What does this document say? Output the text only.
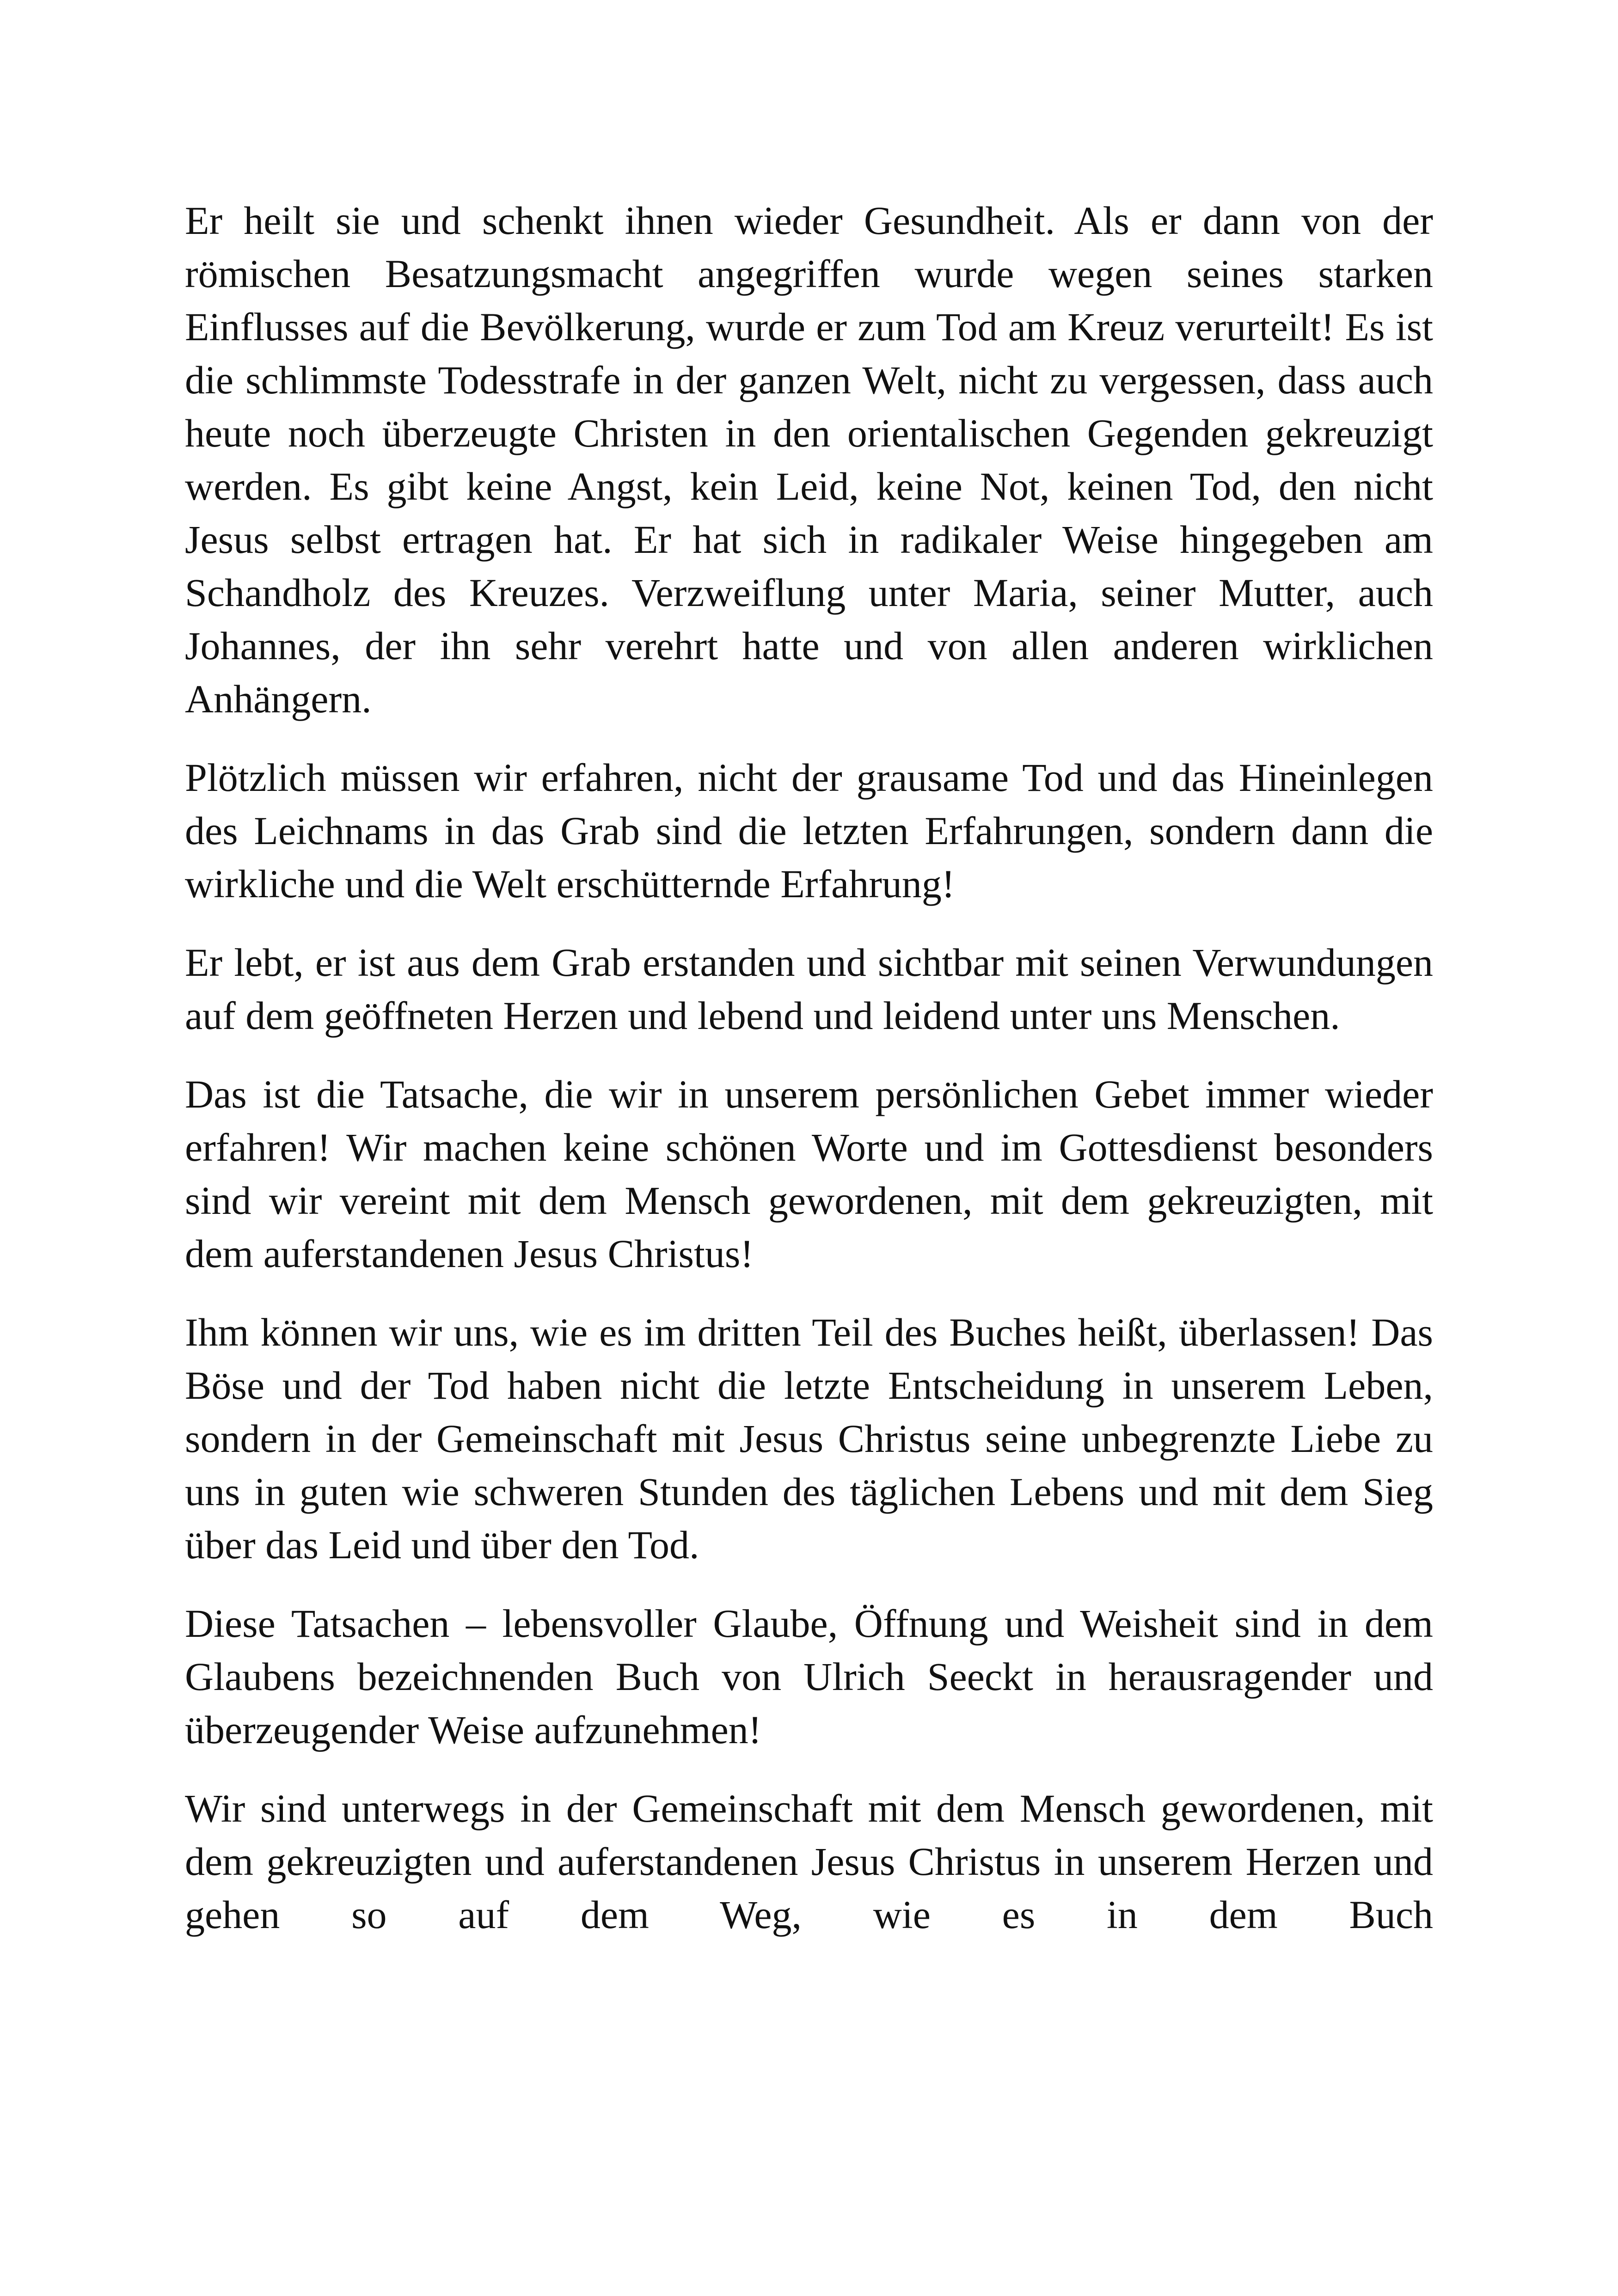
Er heilt sie und schenkt ihnen wieder Gesundheit. Als er dann von der römischen Besatzungsmacht angegriffen wurde wegen seines starken Einflusses auf die Bevölkerung, wurde er zum Tod am Kreuz verurteilt! Es ist die schlimmste Todesstrafe in der ganzen Welt, nicht zu vergessen, dass auch heute noch überzeugte Christen in den orientalischen Gegenden gekreuzigt werden. Es gibt keine Angst, kein Leid, keine Not, keinen Tod, den nicht Jesus selbst ertragen hat. Er hat sich in radikaler Weise hingegeben am Schandholz des Kreuzes. Verzweiflung unter Maria, seiner Mutter, auch Johannes, der ihn sehr verehrt hatte und von allen anderen wirklichen Anhängern.

Plötzlich müssen wir erfahren, nicht der grausame Tod und das Hineinlegen des Leichnams in das Grab sind die letzten Erfahrungen, sondern dann die wirkliche und die Welt erschütternde Erfahrung!

Er lebt, er ist aus dem Grab erstanden und sichtbar mit seinen Verwundungen auf dem geöffneten Herzen und lebend und leidend unter uns Menschen.

Das ist die Tatsache, die wir in unserem persönlichen Gebet immer wieder erfahren! Wir machen keine schönen Worte und im Gottesdienst besonders sind wir vereint mit dem Mensch gewordenen, mit dem gekreuzigten, mit dem auferstandenen Jesus Christus!

Ihm können wir uns, wie es im dritten Teil des Buches heißt, überlassen! Das Böse und der Tod haben nicht die letzte Entscheidung in unserem Leben, sondern in der Gemeinschaft mit Jesus Christus seine unbegrenzte Liebe zu uns in guten wie schweren Stunden des täglichen Lebens und mit dem Sieg über das Leid und über den Tod.

Diese Tatsachen – lebensvoller Glaube, Öffnung und Weisheit sind in dem Glaubens bezeichnenden Buch von Ulrich Seeckt in herausragender und überzeugender Weise aufzunehmen!

Wir sind unterwegs in der Gemeinschaft mit dem Mensch gewordenen, mit dem gekreuzigten und auferstandenen Jesus Christus in unserem Herzen und gehen so auf dem Weg, wie es in dem Buch
